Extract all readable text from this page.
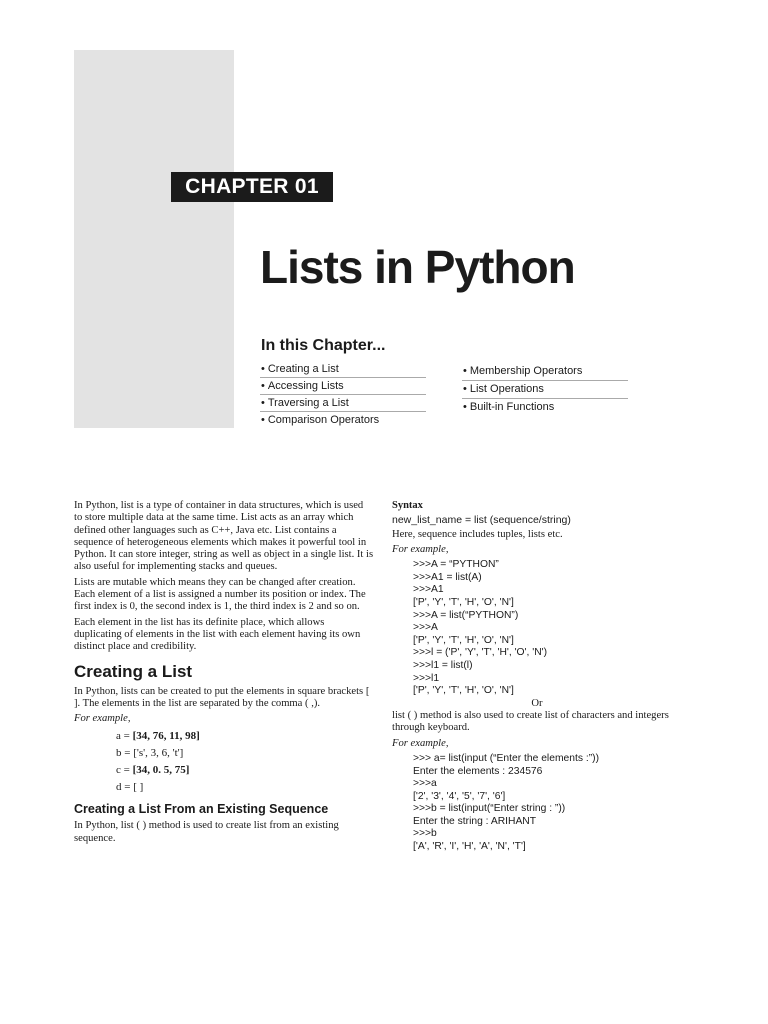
CHAPTER 01
Lists in Python
In this Chapter...
• Creating a List
• Accessing Lists
• Traversing a List
• Comparison Operators
• Membership Operators
• List Operations
• Built-in Functions

In Python, list is a type of container in data structures, which is used to store multiple data at the same time. List acts as an array which defined other languages such as C++, Java etc. List contains a sequence of heterogeneous elements which makes it powerful tool in Python. It can store integer, string as well as object in a single list. It is also useful for implementing stacks and queues.

Lists are mutable which means they can be changed after creation. Each element of a list is assigned a number its position or index. The first index is 0, the second index is 1, the third index is 2 and so on.

Each element in the list has its definite place, which allows duplicating of elements in the list with each element having its own distinct place and credibility.

Creating a List

In Python, lists can be created to put the elements in square brackets [ ]. The elements in the list are separated by the comma ( ,).

For example,
a = [34, 76, 11, 98]
b = ['s', 3, 6, 't']
c = [34, 0. 5, 75]
d = [ ]
Creating a List From an Existing Sequence

In Python, list ( ) method is used to create list from an existing sequence.

Syntax
new_list_name = list (sequence/string)

Here, sequence includes tuples, lists etc.

For example,
>>>A = “PYTHON”
>>>A1 = list(A)
>>>A1
['P', 'Y', 'T', 'H', 'O', 'N']
>>>A = list(“PYTHON”)
>>>A
['P', 'Y', 'T', 'H', 'O', 'N']
>>>l = ('P', 'Y', 'T', 'H', 'O', 'N')
>>>l1 = list(l)
>>>l1
['P', 'Y', 'T', 'H', 'O', 'N']
Or

list ( ) method is also used to create list of characters and integers through keyboard.

For example,
>>> a= list(input (“Enter the elements :”))
Enter the elements : 234576
>>>a
['2', '3', '4', '5', '7', '6']
>>>b = list(input(“Enter string : ”))
Enter the string : ARIHANT
>>>b
['A', 'R', 'I', 'H', 'A', 'N', 'T']
